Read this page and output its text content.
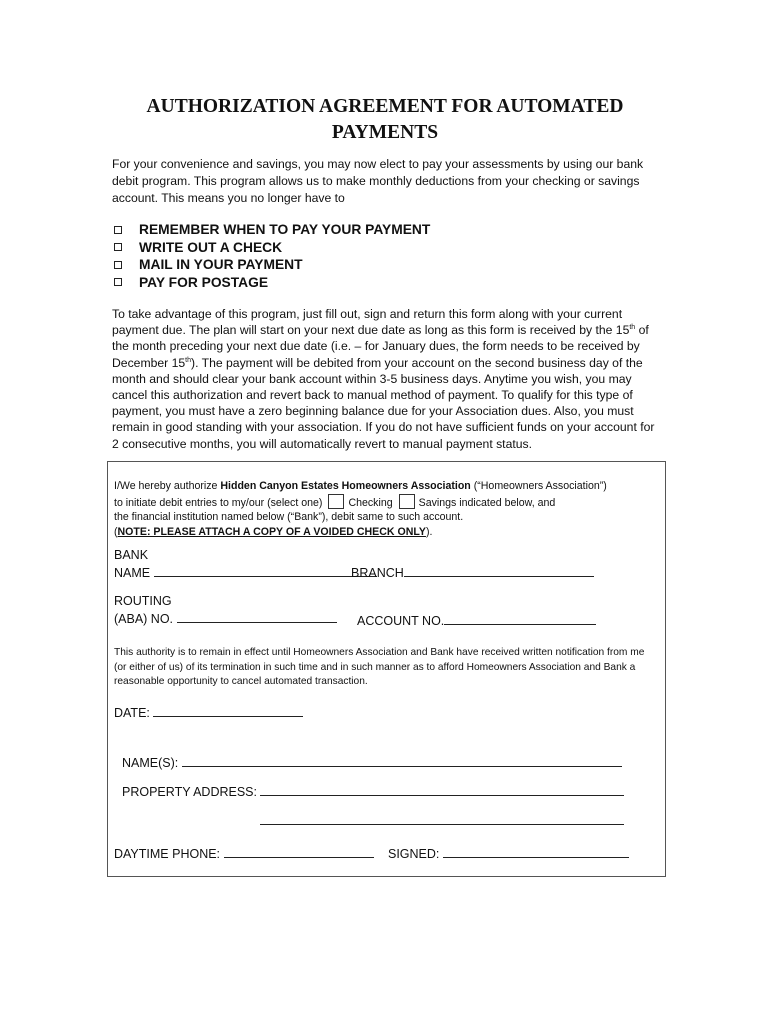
AUTHORIZATION AGREEMENT FOR AUTOMATED PAYMENTS

For your convenience and savings, you may now elect to pay your assessments by using our bank debit program. This program allows us to make monthly deductions from your checking or savings account. This means you no longer have to

REMEMBER WHEN TO PAY YOUR PAYMENT
WRITE OUT A CHECK
MAIL IN YOUR PAYMENT
PAY FOR POSTAGE

To take advantage of this program, just fill out, sign and return this form along with your current payment due. The plan will start on your next due date as long as this form is received by the 15th of the month preceding your next due date (i.e. – for January dues, the form needs to be received by December 15th). The payment will be debited from your account on the second business day of the month and should clear your bank account within 3-5 business days. Anytime you wish, you may cancel this authorization and revert back to manual method of payment. To qualify for this type of payment, you must have a zero beginning balance due for your Association dues. Also, you must remain in good standing with your association. If you do not have sufficient funds on your account for 2 consecutive months, you will automatically revert to manual payment status.

I/We hereby authorize Hidden Canyon Estates Homeowners Association (“Homeowners Association”)
to initiate debit entries to my/our (select one) Checking Savings indicated below, and
the financial institution named below (“Bank”), debit same to such account.
(NOTE: PLEASE ATTACH A COPY OF A VOIDED CHECK ONLY).
BANK
NAME	BRANCH
ROUTING
(ABA) NO.	ACCOUNT NO.
This authority is to remain in effect until Homeowners Association and Bank have received written notification from me (or either of us) of its termination in such time and in such manner as to afford Homeowners Association and Bank a reasonable opportunity to cancel automated transaction.
DATE:
NAME(S):
PROPERTY ADDRESS:
DAYTIME PHONE:	SIGNED:
